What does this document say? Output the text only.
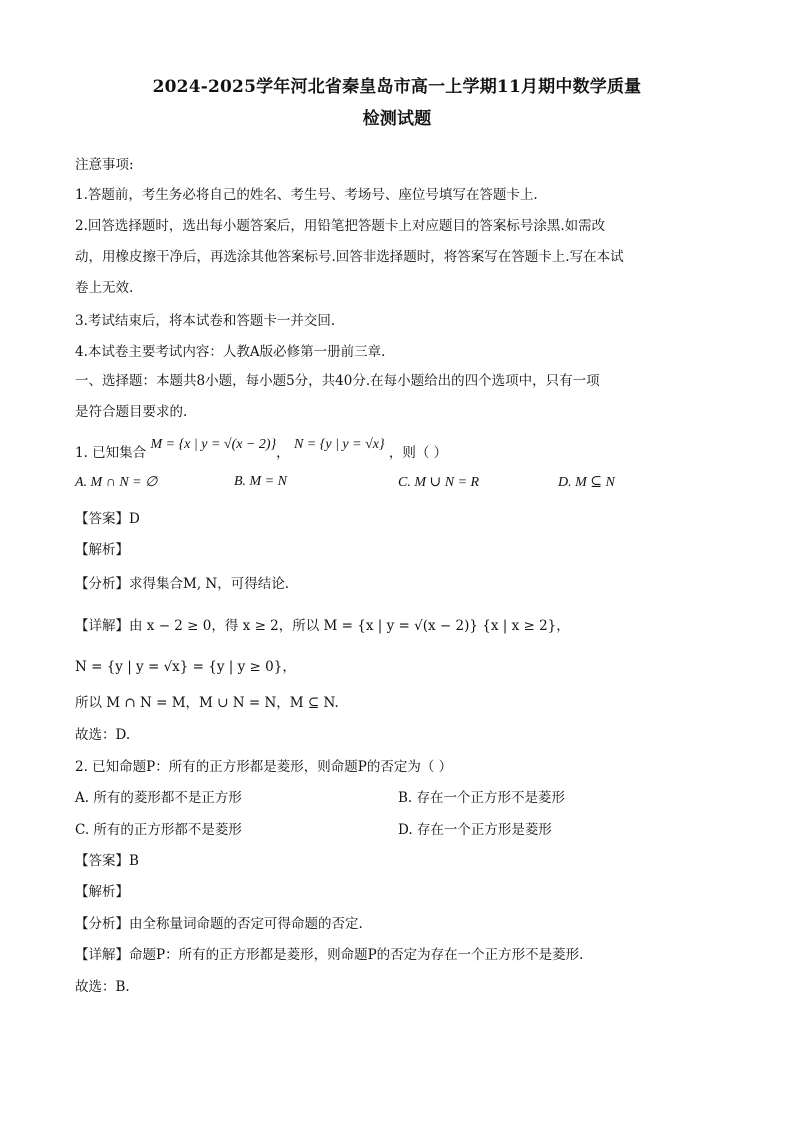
2024-2025学年河北省秦皇岛市高一上学期11月期中数学质量
检测试题
注意事项:
1.答题前，考生务必将自己的姓名、考生号、考场号、座位号填写在答题卡上.
2.回答选择题时，选出每小题答案后，用铅笔把答题卡上对应题目的答案标号涂黑.如需改
动，用橡皮擦干净后，再选涂其他答案标号.回答非选择题时，将答案写在答题卡上.写在本试
卷上无效.
3.考试结束后，将本试卷和答题卡一并交回.
4.本试卷主要考试内容：人教A版必修第一册前三章.
一、选择题：本题共8小题，每小题5分，共40分.在每小题给出的四个选项中，只有一项
是符合题目要求的.
1. 已知集合 M = {x | y = √(x − 2)}， N = {y | y = √x} ，则（ ）
A. M ∩ N = ∅	B. M = N	C. M ∪ N = R	D. M ⊆ N
【答案】D
【解析】
【分析】求得集合M, N，可得结论.
【详解】由 x − 2 ≥ 0，得 x ≥ 2，所以 M = {x | y = √(x − 2)} {x | x ≥ 2}，
N = {y | y = √x} = {y | y ≥ 0}，
所以 M ∩ N = M，M ∪ N = N，M ⊆ N.
故选：D.
2. 已知命题P：所有的正方形都是菱形，则命题P的否定为（ ）
A. 所有的菱形都不是正方形	B. 存在一个正方形不是菱形
C. 所有的正方形都不是菱形	D. 存在一个正方形是菱形
【答案】B
【解析】
【分析】由全称量词命题的否定可得命题的否定.
【详解】命题P：所有的正方形都是菱形，则命题P的否定为存在一个正方形不是菱形.
故选：B.
